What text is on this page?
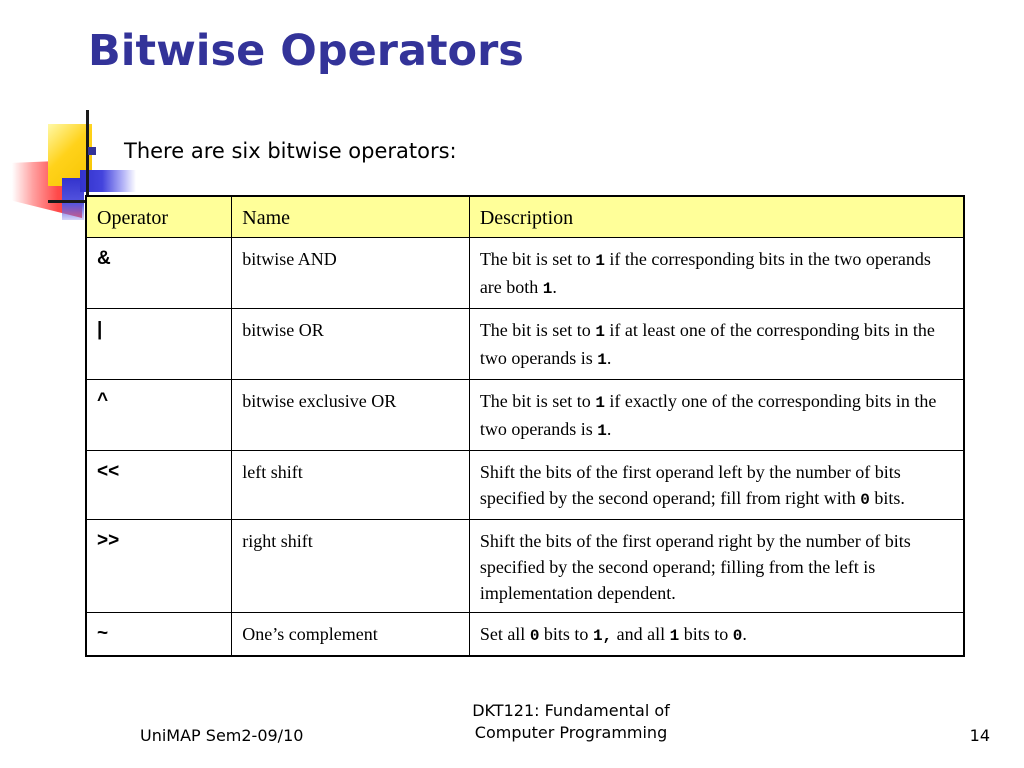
Bitwise Operators
There are six bitwise operators:
Operator	Name	Description
&	bitwise AND	The bit is set to 1 if the corresponding bits in the two operands are both 1.
|	bitwise OR	The bit is set to 1 if at least one of the corresponding bits in the two operands is 1.
^	bitwise exclusive OR	The bit is set to 1 if exactly one of the corresponding bits in the two operands is 1.
<<	left shift	Shift the bits of the first operand left by the number of bits specified by the second operand; fill from right with 0 bits.
>>	right shift	Shift the bits of the first operand right by the number of bits specified by the second operand; filling from the left is implementation dependent.
~	One’s complement	Set all 0 bits to 1, and all 1 bits to 0.
UniMAP Sem2-09/10
DKT121: Fundamental of
Computer Programming	14
